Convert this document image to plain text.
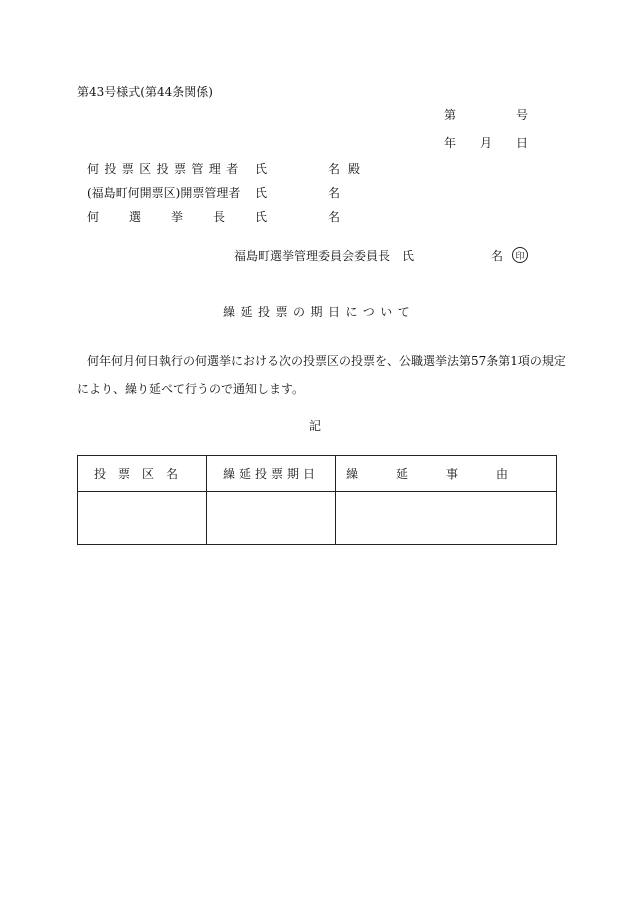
第43号様式(第44条関係)
第	号
年 月 日
何投票区投票管理者 氏	名 殿
(福島町何開票区)開票管理者 氏	名
何選挙長氏	名
福島町選挙管理委員会委員長　氏	名	印
繰延投票の期日について
何年何月何日執行の何選挙における次の投票区の投票を、公職選挙法第57条第1項の規定により、繰り延べて行うので通知します。
記
投票区名	繰延投票期日	繰延事由
